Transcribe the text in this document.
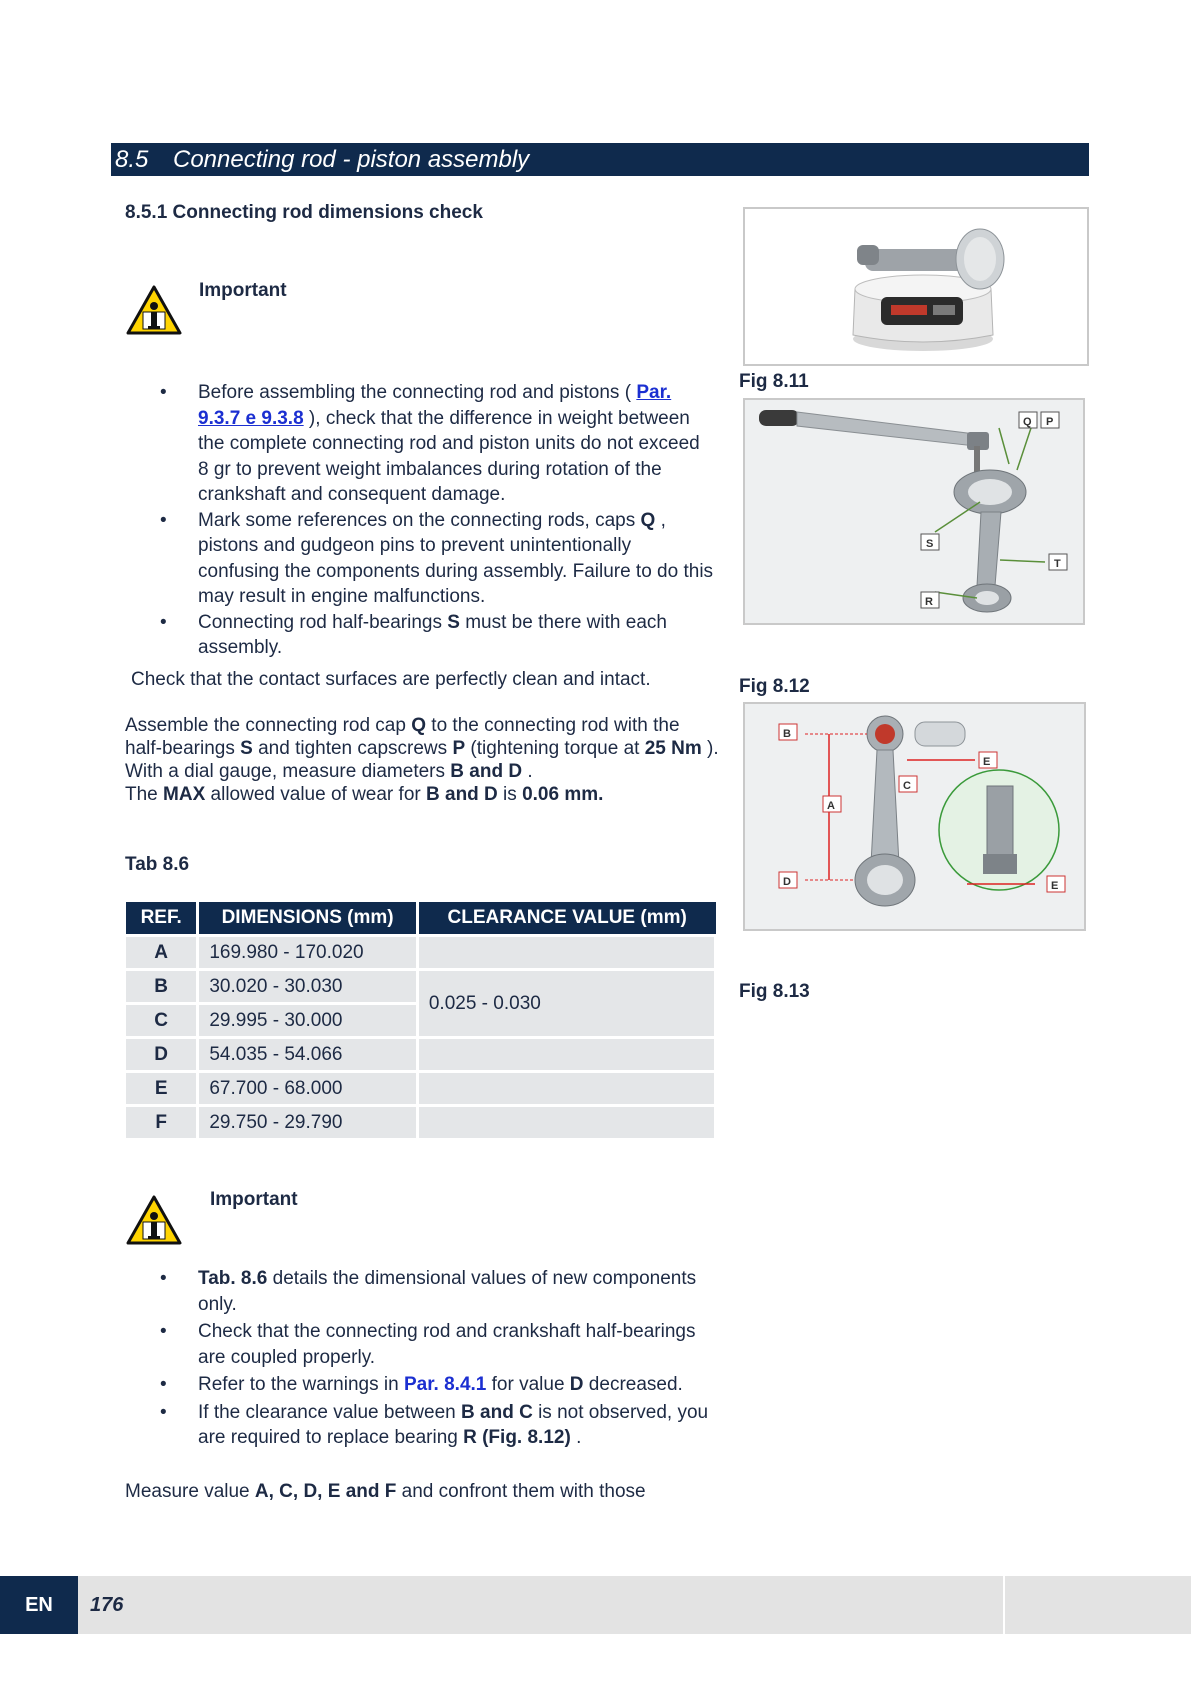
8.5 Connecting rod - piston assembly
8.5.1 Connecting rod dimensions check
Important
• Before assembling the connecting rod and pistons ( Par. 9.3.7 e 9.3.8 ), check that the difference in weight between the complete connecting rod and piston units do not exceed 8 gr to prevent weight imbalances during rotation of the crankshaft and consequent damage.
• Mark some references on the connecting rods, caps Q , pistons and gudgeon pins to prevent unintentionally confusing the components during assembly. Failure to do this may result in engine malfunctions.
• Connecting rod half-bearings S must be there with each assembly.
Check that the contact surfaces are perfectly clean and intact.
Assemble the connecting rod cap Q to the connecting rod with the half-bearings S and tighten capscrews P (tightening torque at 25 Nm ).
With a dial gauge, measure diameters B and D .
The MAX allowed value of wear for B and D is 0.06 mm.
Tab 8.6
REF.	DIMENSIONS (mm)	CLEARANCE VALUE (mm)
A	169.980 - 170.020	
B	30.020 - 30.030	0.025 - 0.030
C	29.995 - 30.000	
D	54.035 - 54.066	
E	67.700 - 68.000	
F	29.750 - 29.790	
Important
• Tab. 8.6 details the dimensional values of new components only.
• Check that the connecting rod and crankshaft half-bearings are coupled properly.
• Refer to the warnings in Par. 8.4.1 for value D decreased.
• If the clearance value between B and C is not observed, you are required to replace bearing R (Fig. 8.12) .
Measure value A, C, D, E and F and confront them with those
Fig 8.11
Q P
S
T
R
Fig 8.12
B
C
A
D
E
E
Fig 8.13
EN	176
